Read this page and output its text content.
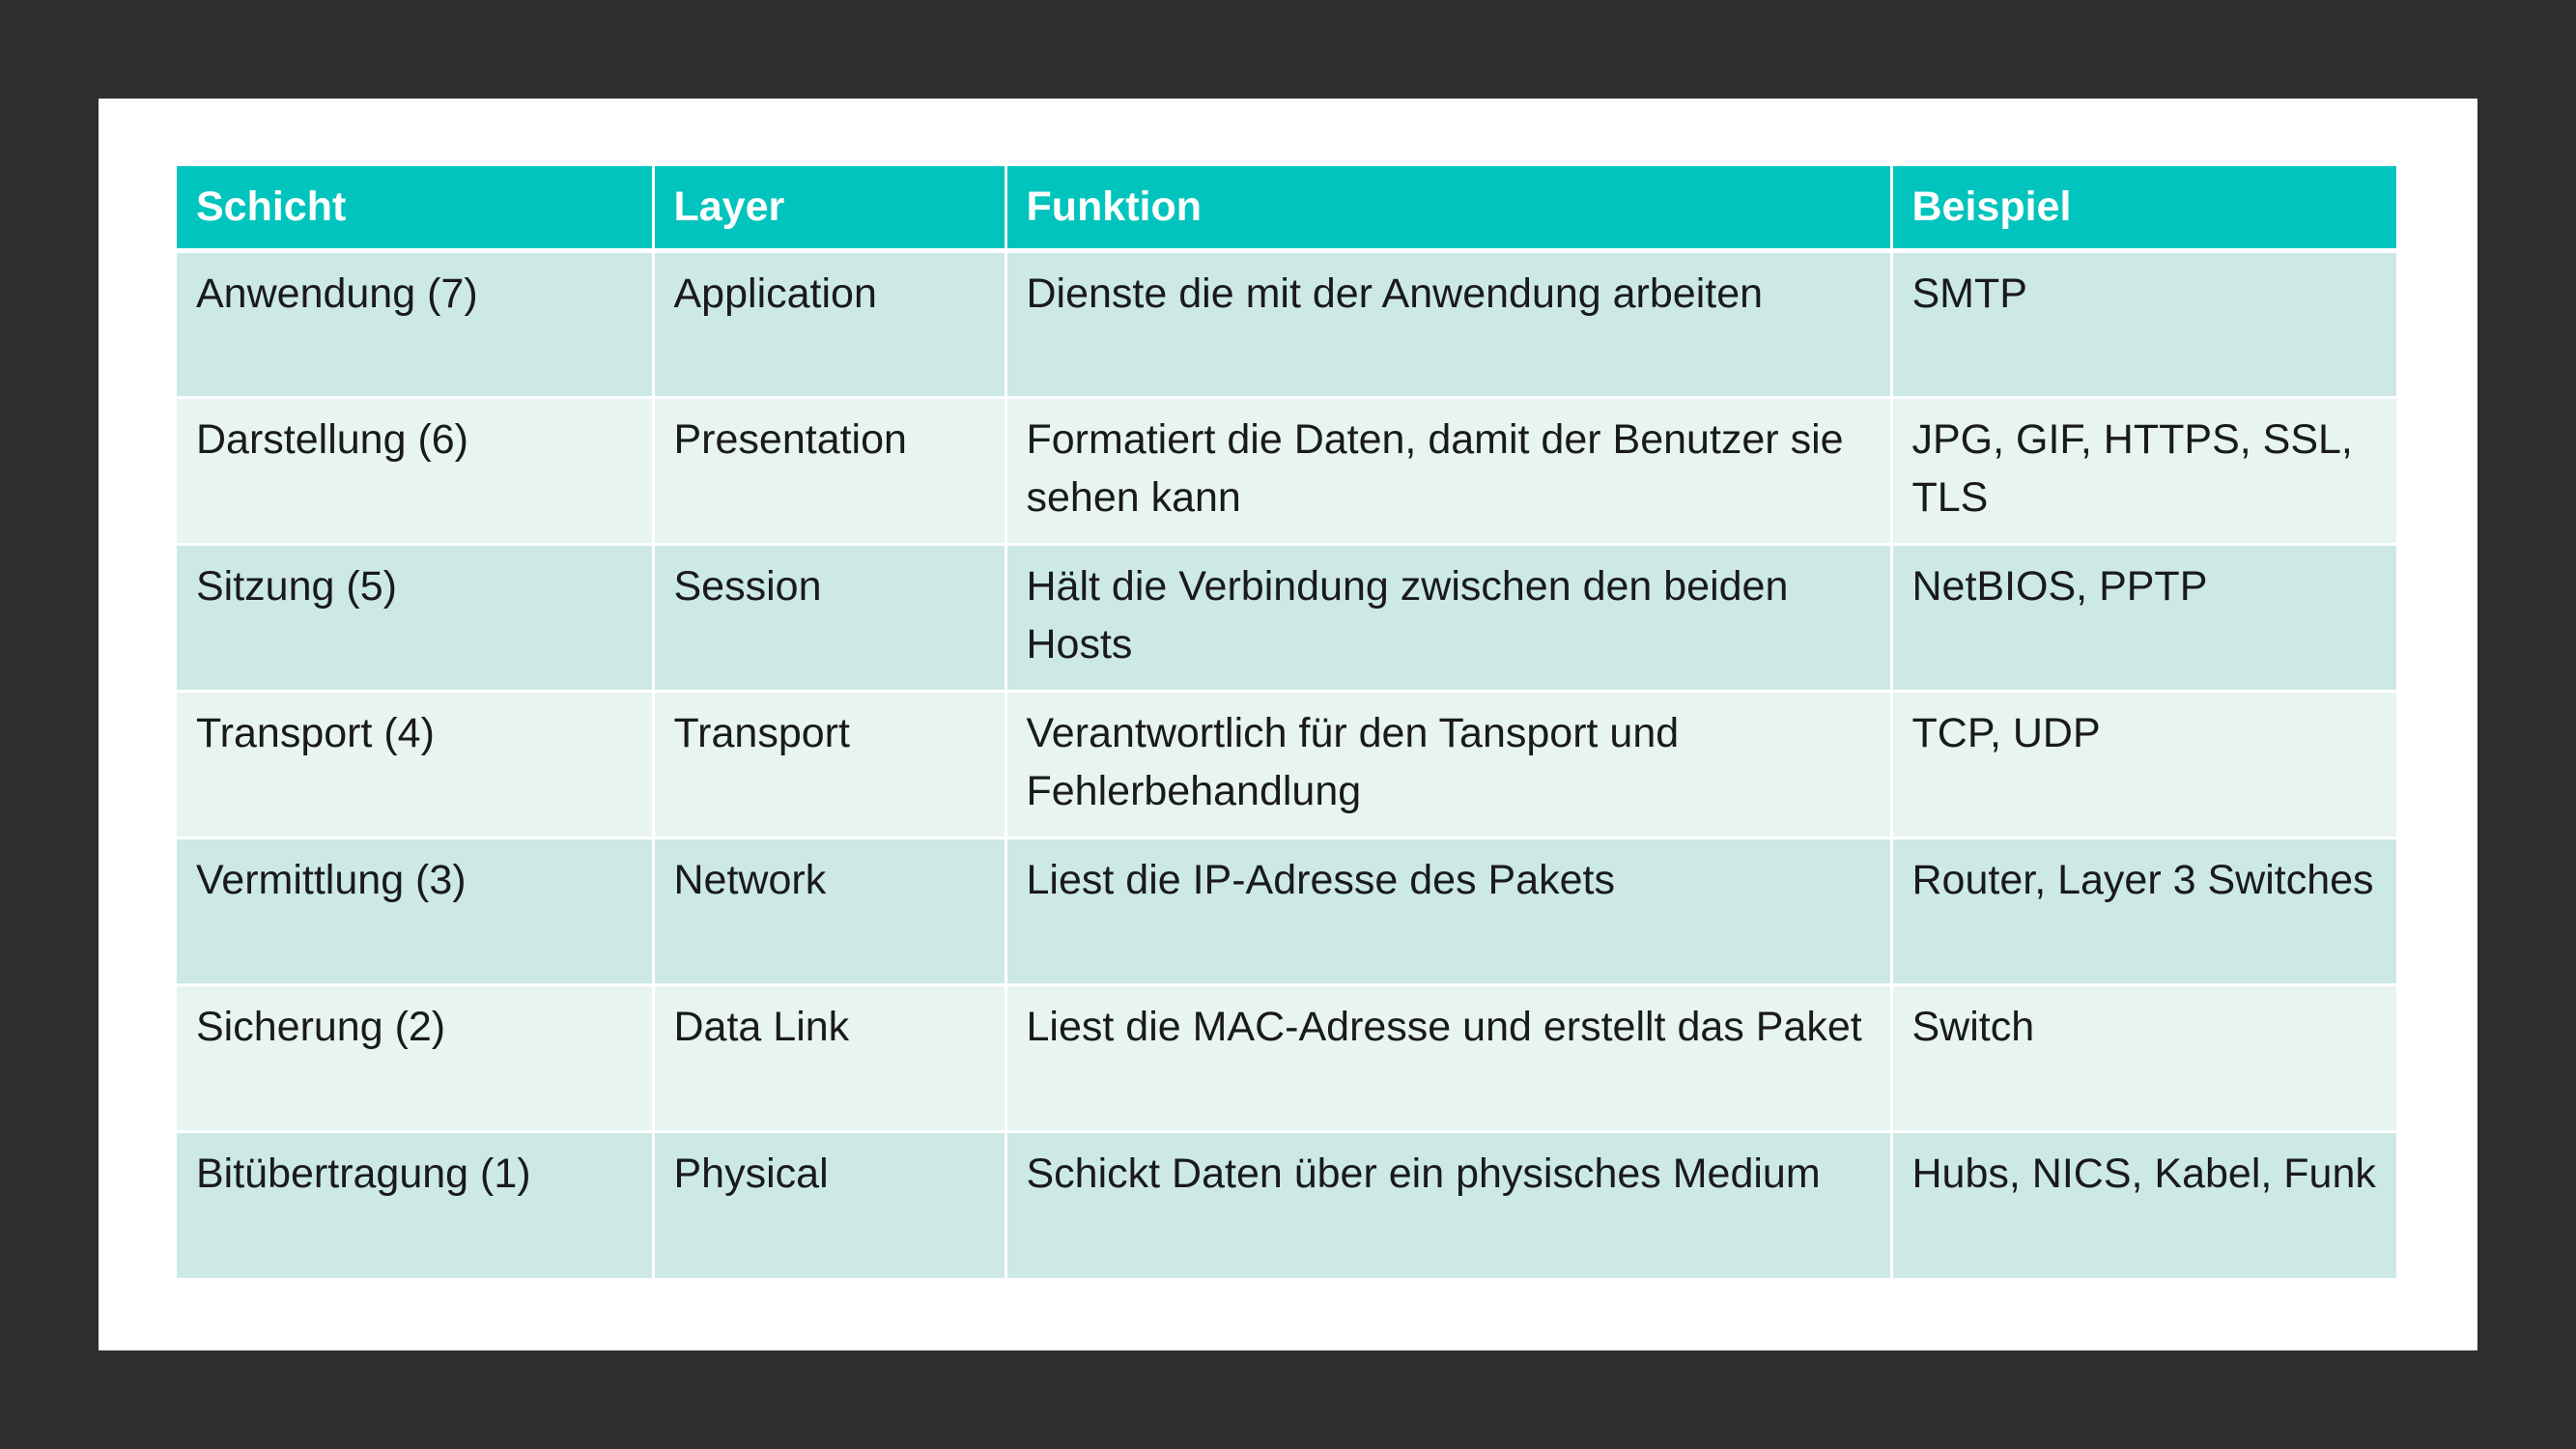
Schicht	Layer	Funktion	Beispiel
Anwendung (7)	Application	Dienste die mit der Anwendung arbeiten	SMTP
Darstellung (6)	Presentation	Formatiert die Daten, damit der Benutzer sie sehen kann	JPG, GIF, HTTPS, SSL, TLS
Sitzung (5)	Session	Hält die Verbindung zwischen den beiden Hosts	NetBIOS, PPTP
Transport (4)	Transport	Verantwortlich für den Tansport und Fehlerbehandlung	TCP, UDP
Vermittlung (3)	Network	Liest die IP-Adresse des Pakets	Router, Layer 3 Switches
Sicherung (2)	Data Link	Liest die MAC-Adresse und erstellt das Paket	Switch
Bitübertragung (1)	Physical	Schickt Daten über ein physisches Medium	Hubs, NICS, Kabel, Funk
